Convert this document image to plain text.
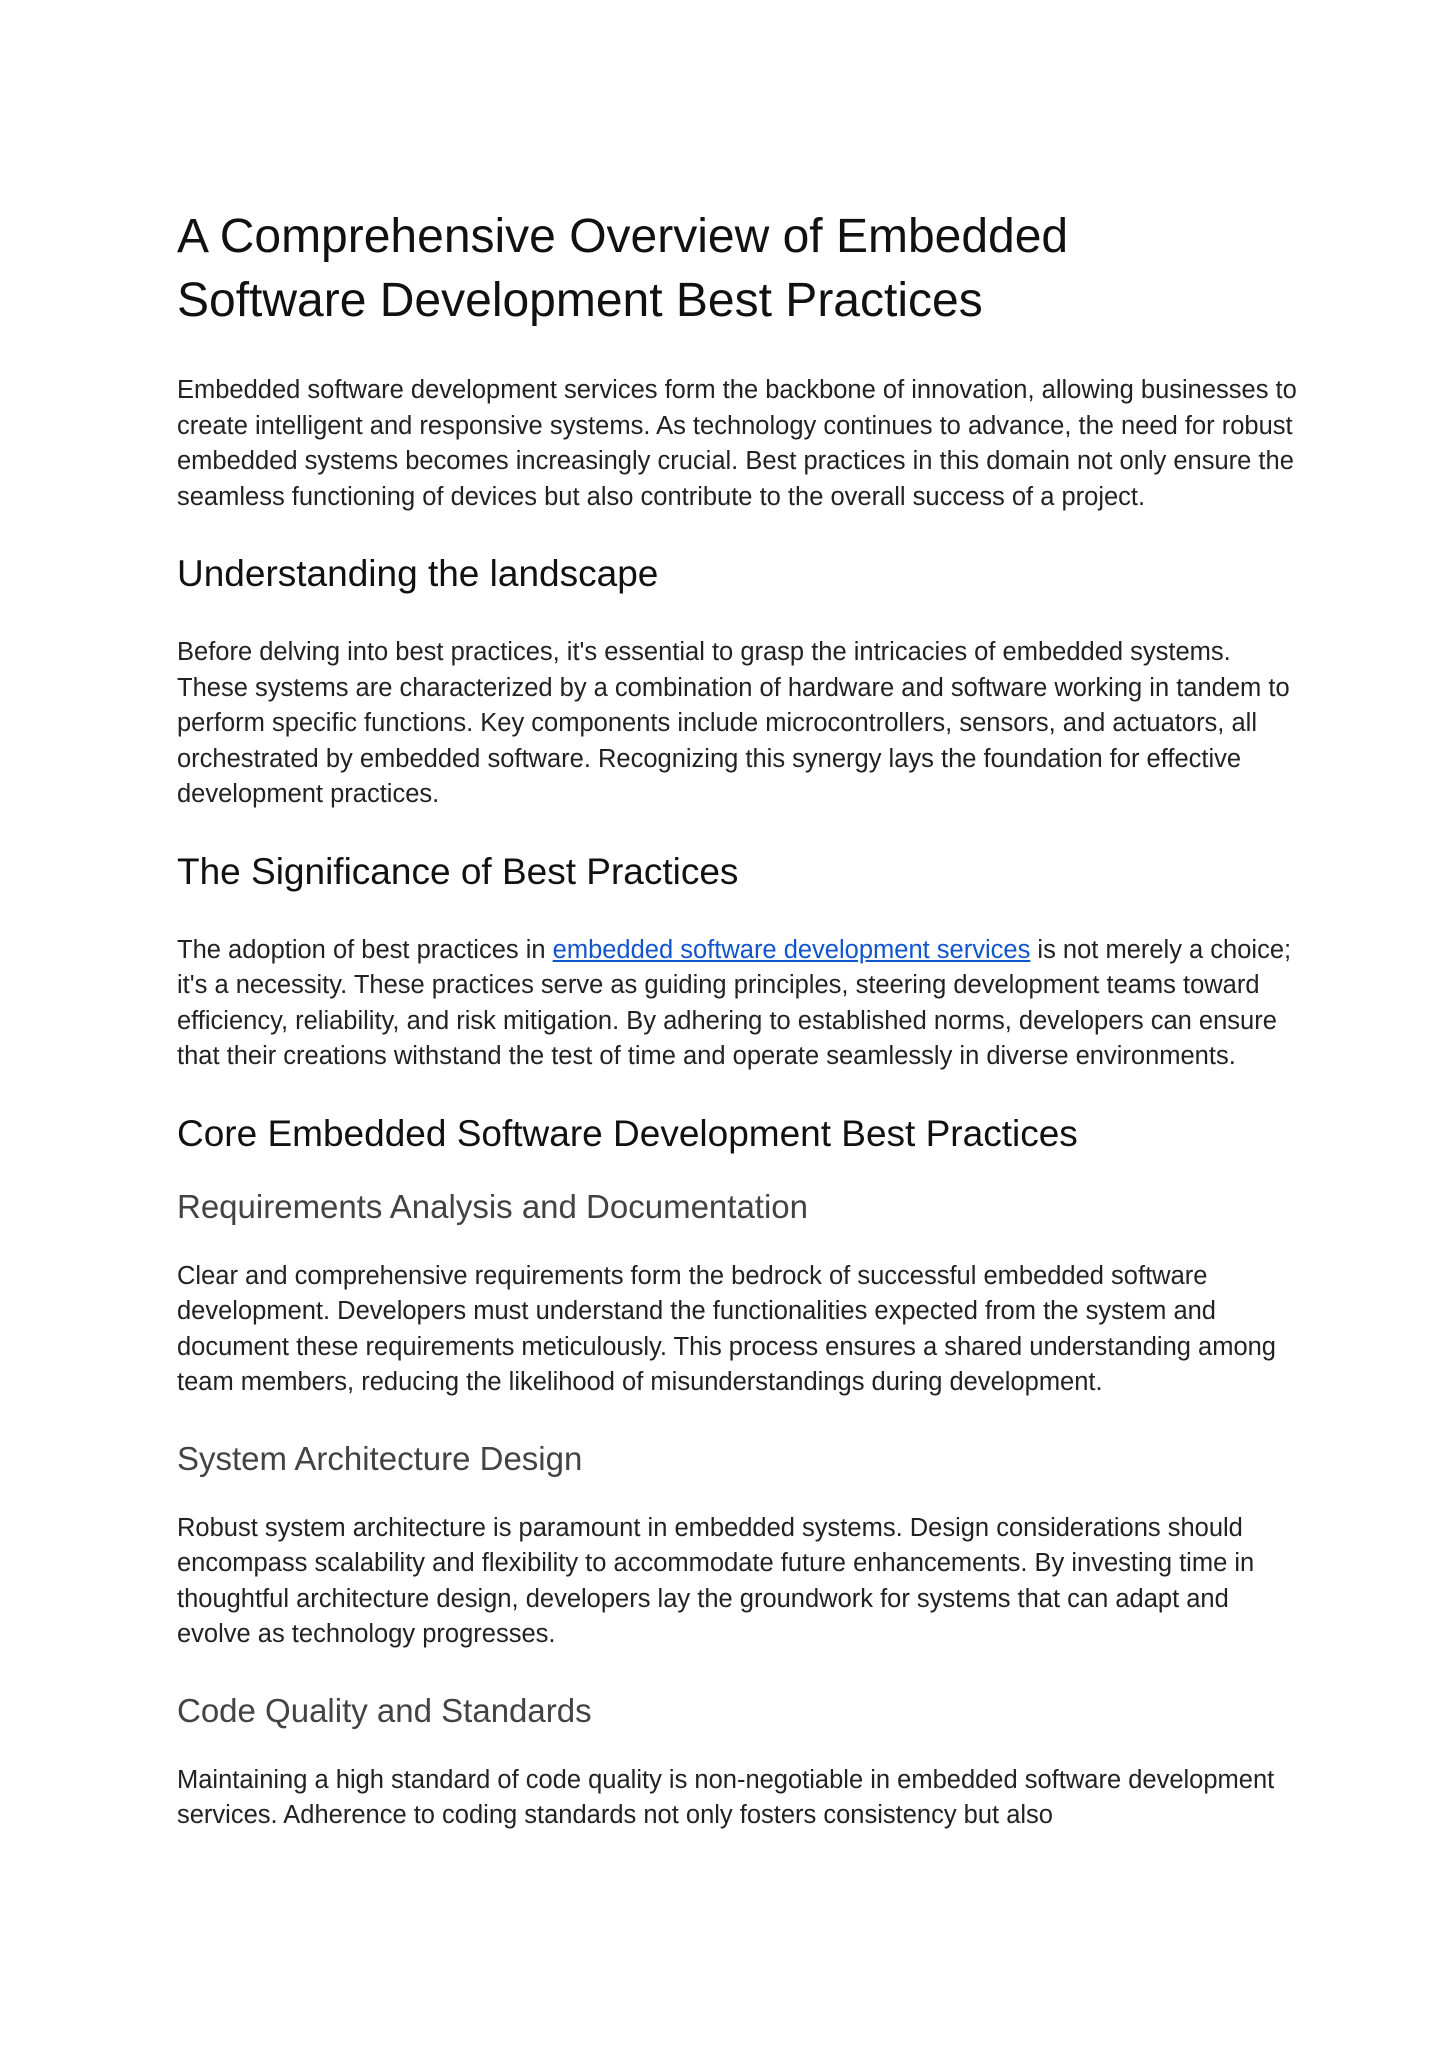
A Comprehensive Overview of Embedded Software Development Best Practices

Embedded software development services form the backbone of innovation, allowing businesses to create intelligent and responsive systems. As technology continues to advance, the need for robust embedded systems becomes increasingly crucial. Best practices in this domain not only ensure the seamless functioning of devices but also contribute to the overall success of a project.

Understanding the landscape

Before delving into best practices, it's essential to grasp the intricacies of embedded systems. These systems are characterized by a combination of hardware and software working in tandem to perform specific functions. Key components include microcontrollers, sensors, and actuators, all orchestrated by embedded software. Recognizing this synergy lays the foundation for effective development practices.

The Significance of Best Practices

The adoption of best practices in embedded software development services is not merely a choice; it's a necessity. These practices serve as guiding principles, steering development teams toward efficiency, reliability, and risk mitigation. By adhering to established norms, developers can ensure that their creations withstand the test of time and operate seamlessly in diverse environments.

Core Embedded Software Development Best Practices
Requirements Analysis and Documentation

Clear and comprehensive requirements form the bedrock of successful embedded software development. Developers must understand the functionalities expected from the system and document these requirements meticulously. This process ensures a shared understanding among team members, reducing the likelihood of misunderstandings during development.

System Architecture Design

Robust system architecture is paramount in embedded systems. Design considerations should encompass scalability and flexibility to accommodate future enhancements. By investing time in thoughtful architecture design, developers lay the groundwork for systems that can adapt and evolve as technology progresses.

Code Quality and Standards

Maintaining a high standard of code quality is non-negotiable in embedded software development services. Adherence to coding standards not only fosters consistency but also
